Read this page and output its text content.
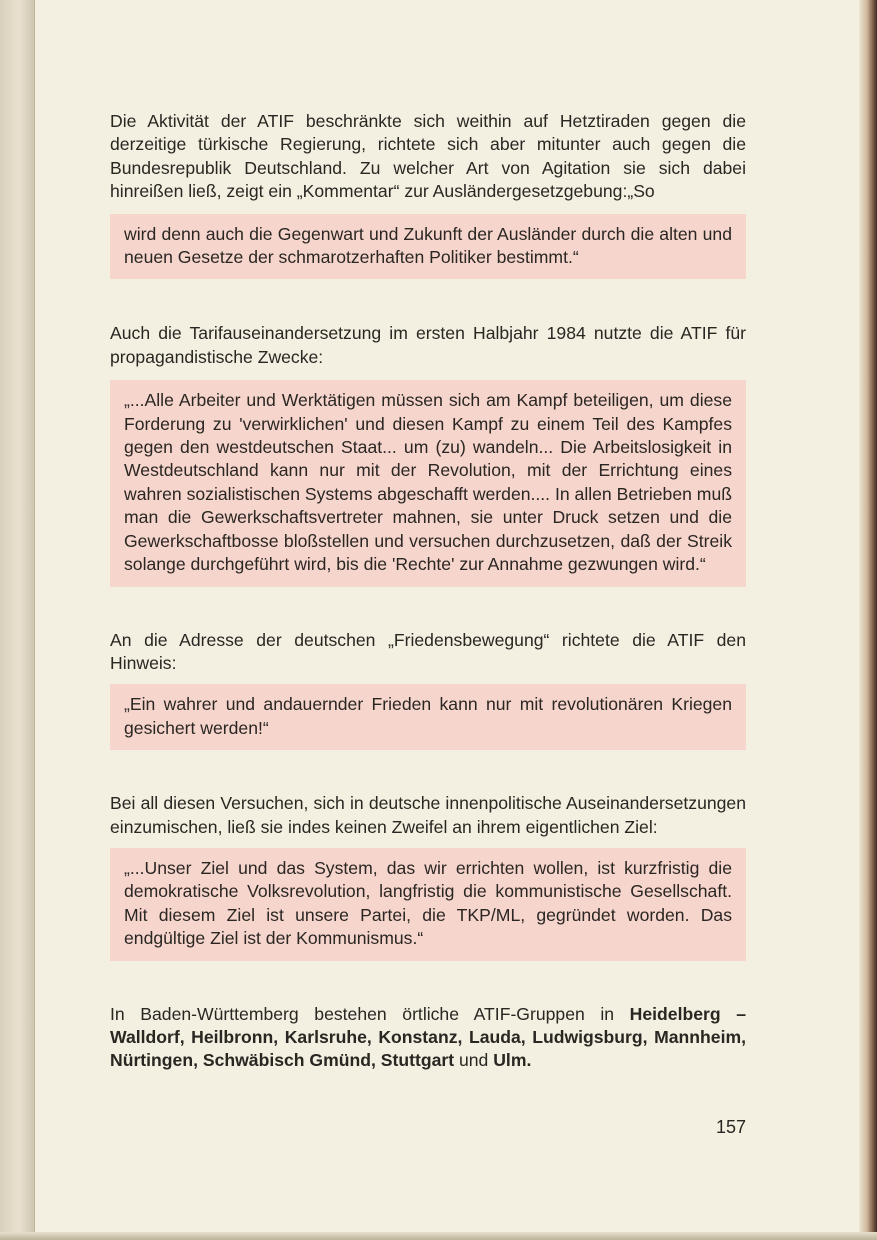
Die Aktivität der ATIF beschränkte sich weithin auf Hetztiraden gegen die derzeitige türkische Regierung, richtete sich aber mitunter auch gegen die Bundesrepublik Deutschland. Zu welcher Art von Agitation sie sich dabei hinreißen ließ, zeigt ein „Kommentar“ zur Ausländergesetzgebung:„So

wird denn auch die Gegenwart und Zukunft der Ausländer durch die alten und neuen Gesetze der schmarotzerhaften Politiker bestimmt.“

Auch die Tarifauseinandersetzung im ersten Halbjahr 1984 nutzte die ATIF für propagandistische Zwecke:

„...Alle Arbeiter und Werktätigen müssen sich am Kampf beteiligen, um diese Forderung zu 'verwirklichen' und diesen Kampf zu einem Teil des Kampfes gegen den westdeutschen Staat... um (zu) wandeln... Die Arbeitslosigkeit in Westdeutschland kann nur mit der Revolution, mit der Errichtung eines wahren sozialistischen Systems abgeschafft werden.... In allen Betrieben muß man die Gewerkschaftsvertreter mahnen, sie unter Druck setzen und die Gewerkschaftbosse bloßstellen und versuchen durchzusetzen, daß der Streik solange durchgeführt wird, bis die 'Rechte' zur Annahme gezwungen wird.“

An die Adresse der deutschen „Friedensbewegung“ richtete die ATIF den Hinweis:

„Ein wahrer und andauernder Frieden kann nur mit revolutionären Kriegen gesichert werden!“

Bei all diesen Versuchen, sich in deutsche innenpolitische Auseinandersetzungen einzumischen, ließ sie indes keinen Zweifel an ihrem eigentlichen Ziel:

„...Unser Ziel und das System, das wir errichten wollen, ist kurzfristig die demokratische Volksrevolution, langfristig die kommunistische Gesellschaft. Mit diesem Ziel ist unsere Partei, die TKP/ML, gegründet worden. Das endgültige Ziel ist der Kommunismus.“

In Baden-Württemberg bestehen örtliche ATIF-Gruppen in Heidelberg – Walldorf, Heilbronn, Karlsruhe, Konstanz, Lauda, Ludwigsburg, Mannheim, Nürtingen, Schwäbisch Gmünd, Stuttgart und Ulm.

157
